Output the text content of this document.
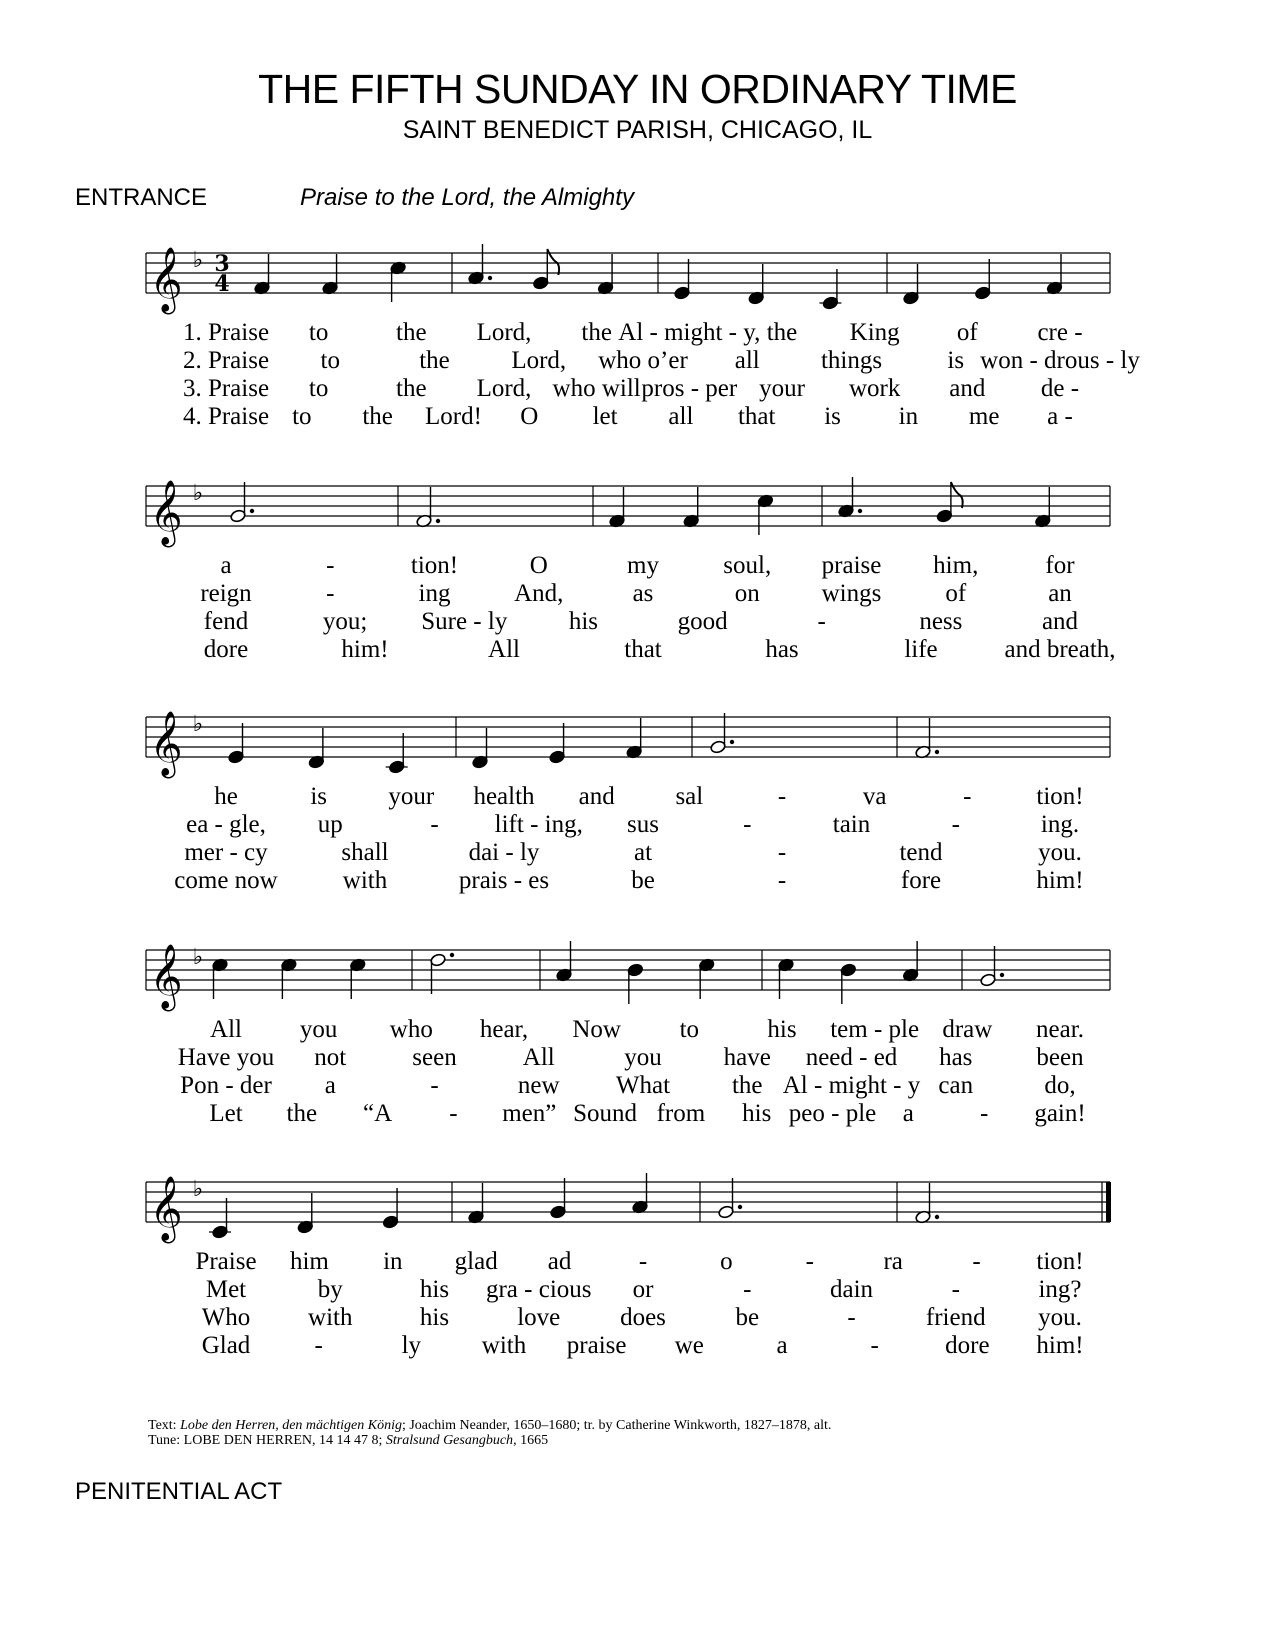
THE FIFTH SUNDAY IN ORDINARY TIME
SAINT BENEDICT PARISH, CHICAGO, IL
ENTRANCE	Praise to the Lord, the Almighty
𝄞 ♭ 3
4
𝄞 ♭
𝄞 ♭
𝄞 ♭
𝄞 ♭
1. Praise to	the Lord, the Al - might - y, the King of cre -
2. Praise to	the Lord, who o’er all things	is won - drous - ly
3. Praise to	the Lord, who will pros - per your work and de -
4. Praise to the Lord! O let all that is in me a -
a	-	tion!	O	my	soul, praise him,	for
reign	-	ing	And,	as	on wings	of	an
fend	you; Sure - ly his	good	-	ness	and
dore	him!	All	that	has	life	and breath,
he	is your health and sal	-	va	-	tion!
ea - gle, up	- lift - ing, sus	-	tain	-	ing.
mer - cy	shall	dai - ly	at	-	tend	you.
come now	with	prais - es	be	-	fore	him!
All you who hear, Now to	his tem - ple draw near.
Have you not	seen	All	you have need - ed has	been
Pon - der a	-	new What the Al - might - y can	do,
Let the “A - men” Sound from his peo - ple a	- gain!
Praise him in glad ad	-	o	-	ra	- tion!
Met	by	his gra - cious or	-	dain	-	ing?
Who with	his	love does	be	-	friend you.
Glad	-	ly with praise we	a	-	dore him!
Text: Lobe den Herren, den mächtigen König; Joachim Neander, 1650–1680; tr. by Catherine Winkworth, 1827–1878, alt.
Tune: LOBE DEN HERREN, 14 14 47 8; Stralsund Gesangbuch, 1665
PENITENTIAL ACT
